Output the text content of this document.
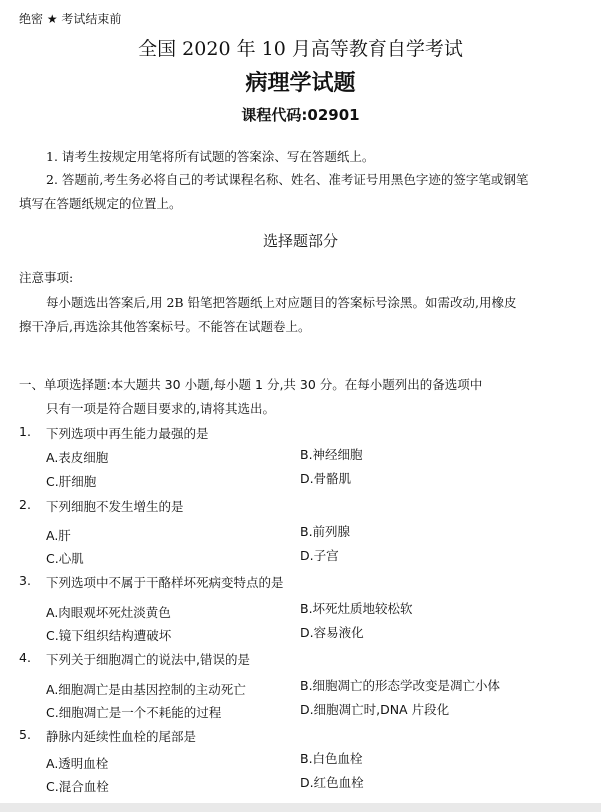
绝密 ★ 考试结束前
全国 2020 年 10 月高等教育自学考试
病理学试题
课程代码:02901
1. 请考生按规定用笔将所有试题的答案涂、写在答题纸上。
2. 答题前,考生务必将自己的考试课程名称、姓名、准考证号用黑色字迹的签字笔或钢笔
填写在答题纸规定的位置上。
选择题部分
注意事项:
每小题选出答案后,用 2B 铅笔把答题纸上对应题目的答案标号涂黑。如需改动,用橡皮
擦干净后,再选涂其他答案标号。不能答在试题卷上。
一、单项选择题:本大题共 30 小题,每小题 1 分,共 30 分。在每小题列出的备选项中
只有一项是符合题目要求的,请将其选出。
1. 下列选项中再生能力最强的是
A.表皮细胞	B.神经细胞
C.肝细胞	D.骨骼肌
2. 下列细胞不发生增生的是
A.肝	B.前列腺
C.心肌	D.子宫
3. 下列选项中不属于干酪样坏死病变特点的是
A.肉眼观坏死灶淡黄色	B.坏死灶质地较松软
C.镜下组织结构遭破坏	D.容易液化
4. 下列关于细胞凋亡的说法中,错误的是
A.细胞凋亡是由基因控制的主动死亡	B.细胞凋亡的形态学改变是凋亡小体
C.细胞凋亡是一个不耗能的过程	D.细胞凋亡时,DNA 片段化
5. 静脉内延续性血栓的尾部是
A.透明血栓	B.白色血栓
C.混合血栓	D.红色血栓
